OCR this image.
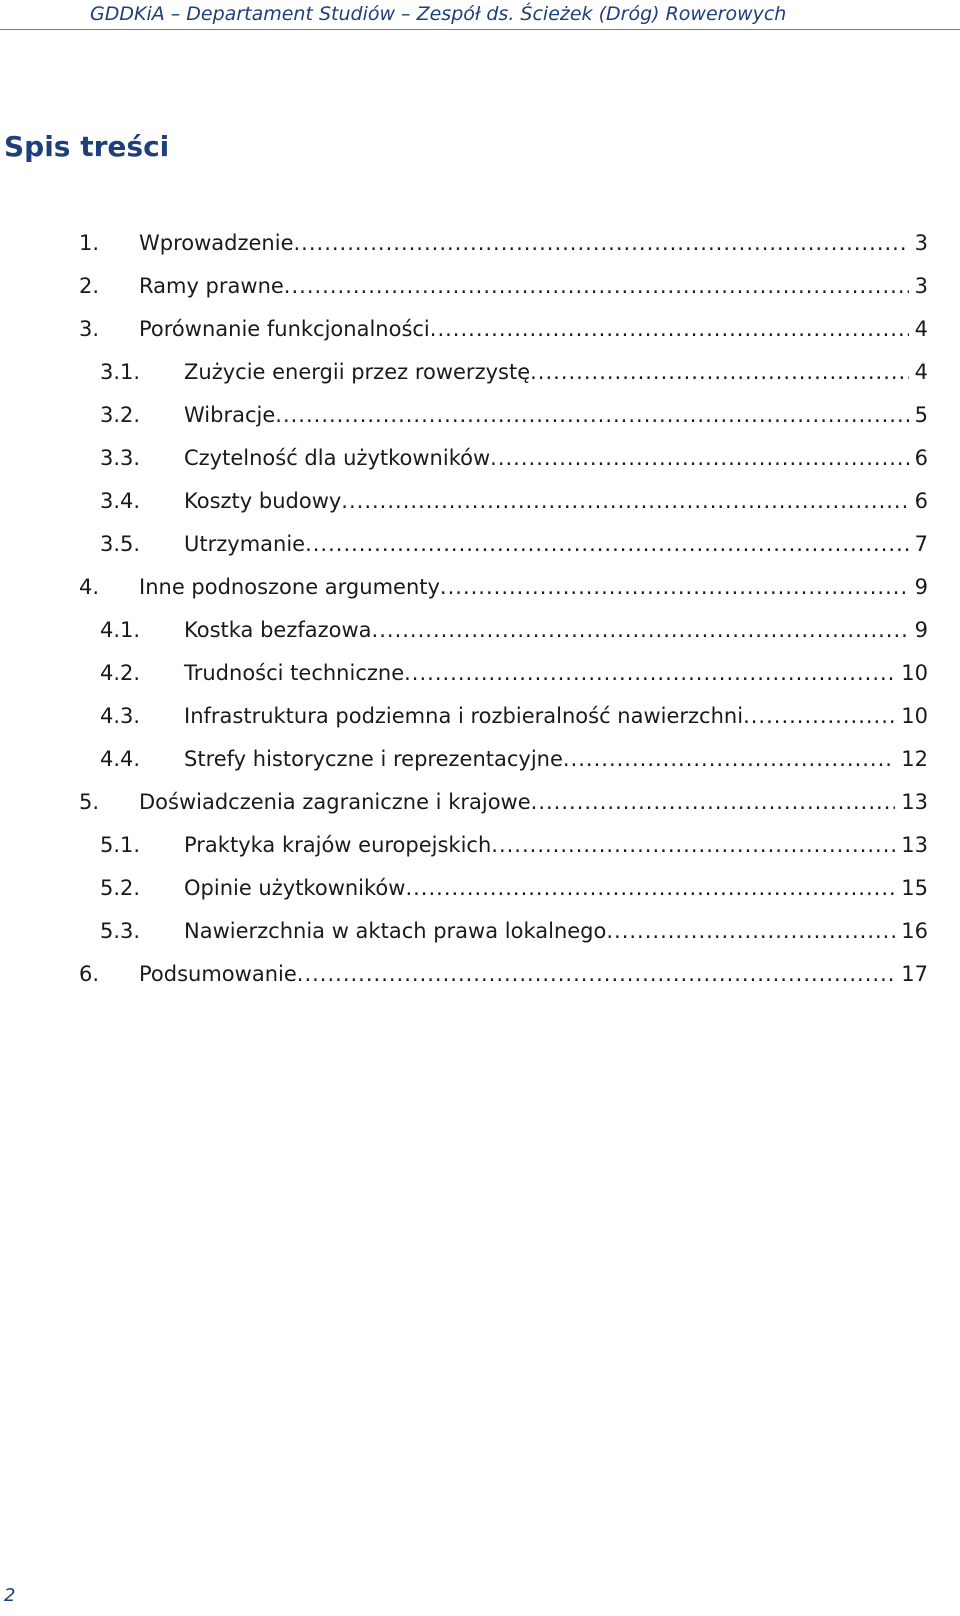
GDDKiA – Departament Studiów – Zespół ds. Ścieżek (Dróg) Rowerowych
Spis treści
1. Wprowadzenie .....	3
2. Ramy prawne .....	3
3. Porównanie funkcjonalności .....	4
3.1. Zużycie energii przez rowerzystę .....	4
3.2. Wibracje .....	5
3.3. Czytelność dla użytkowników .....	6
3.4. Koszty budowy .....	6
3.5. Utrzymanie .....	7
4. Inne podnoszone argumenty .....	9
4.1. Kostka bezfazowa .....	9
4.2. Trudności techniczne .....	10
4.3. Infrastruktura podziemna i rozbieralność nawierzchni .....	10
4.4. Strefy historyczne i reprezentacyjne .....	12
5. Doświadczenia zagraniczne i krajowe .....	13
5.1. Praktyka krajów europejskich .....	13
5.2. Opinie użytkowników .....	15
5.3. Nawierzchnia w aktach prawa lokalnego .....	16
6. Podsumowanie .....	17
2
